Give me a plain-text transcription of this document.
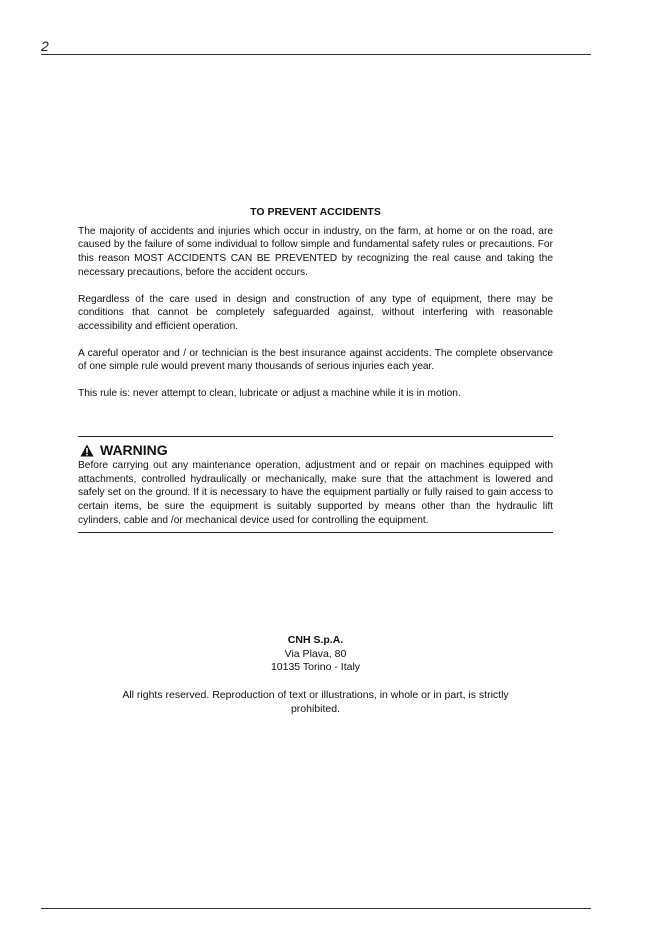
2

TO PREVENT ACCIDENTS

The majority of accidents and injuries which occur in industry, on the farm, at home or on the road, are caused by the failure of some individual to follow simple and fundamental safety rules or precautions. For this reason MOST ACCIDENTS CAN BE PREVENTED by recognizing the real cause and taking the necessary precautions, before the accident occurs.

Regardless of the care used in design and construction of any type of equipment, there may be conditions that cannot be completely safeguarded against, without interfering with reasonable accessibility and efficient operation.

A careful operator and / or technician is the best insurance against accidents. The complete observance of one simple rule would prevent many thousands of serious injuries each year.

This rule is: never attempt to clean, lubricate or adjust a machine while it is in motion.

WARNING
Before carrying out any maintenance operation, adjustment and or repair on machines equipped with attachments, controlled hydraulically or mechanically, make sure that the attachment is lowered and safely set on the ground. If it is necessary to have the equipment partially or fully raised to gain access to certain items, be sure the equipment is suitably supported by means other than the hydraulic lift cylinders, cable and /or mechanical device used for controlling the equipment.
CNH S.p.A.
Via Plava, 80
10135 Torino - Italy
All rights reserved. Reproduction of text or illustrations, in whole or in part, is strictly prohibited.
